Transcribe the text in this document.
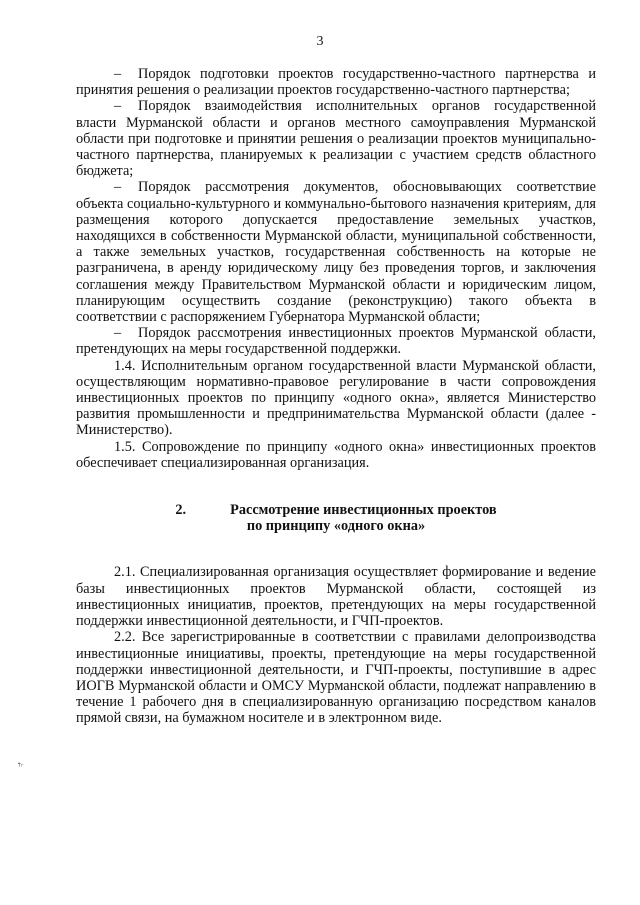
3

– Порядок подготовки проектов государственно-частного партнерства и принятия решения о реализации проектов государственно-частного партнерства;

– Порядок взаимодействия исполнительных органов государственной власти Мурманской области и органов местного самоуправления Мурманской области при подготовке и принятии решения о реализации проектов муниципально-частного партнерства, планируемых к реализации с участием средств областного бюджета;

– Порядок рассмотрения документов, обосновывающих соответствие объекта социально-культурного и коммунально-бытового назначения критериям, для размещения которого допускается предоставление земельных участков, находящихся в собственности Мурманской области, муниципальной собственности, а также земельных участков, государственная собственность на которые не разграничена, в аренду юридическому лицу без проведения торгов, и заключения соглашения между Правительством Мурманской области и юридическим лицом, планирующим осуществить создание (реконструкцию) такого объекта в соответствии с распоряжением Губернатора Мурманской области;

– Порядок рассмотрения инвестиционных проектов Мурманской области, претендующих на меры государственной поддержки.

1.4. Исполнительным органом государственной власти Мурманской области, осуществляющим нормативно-правовое регулирование в части сопровождения инвестиционных проектов по принципу «одного окна», является Министерство развития промышленности и предпринимательства Мурманской области (далее - Министерство).

1.5. Сопровождение по принципу «одного окна» инвестиционных проектов обеспечивает специализированная организация.

2.	Рассмотрение инвестиционных проектов
по принципу «одного окна»

2.1. Специализированная организация осуществляет формирование и ведение базы инвестиционных проектов Мурманской области, состоящей из инвестиционных инициатив, проектов, претендующих на меры государственной поддержки инвестиционной деятельности, и ГЧП-проектов.

2.2. Все зарегистрированные в соответствии с правилами делопроизводства инвестиционные инициативы, проекты, претендующие на меры государственной поддержки инвестиционной деятельности, и ГЧП-проекты, поступившие в адрес ИОГВ Мурманской области и ОМСУ Мурманской области, подлежат направлению в течение 1 рабочего дня в специализированную организацию посредством каналов прямой связи, на бумажном носителе и в электронном виде.

ᵀ̂ʳ
